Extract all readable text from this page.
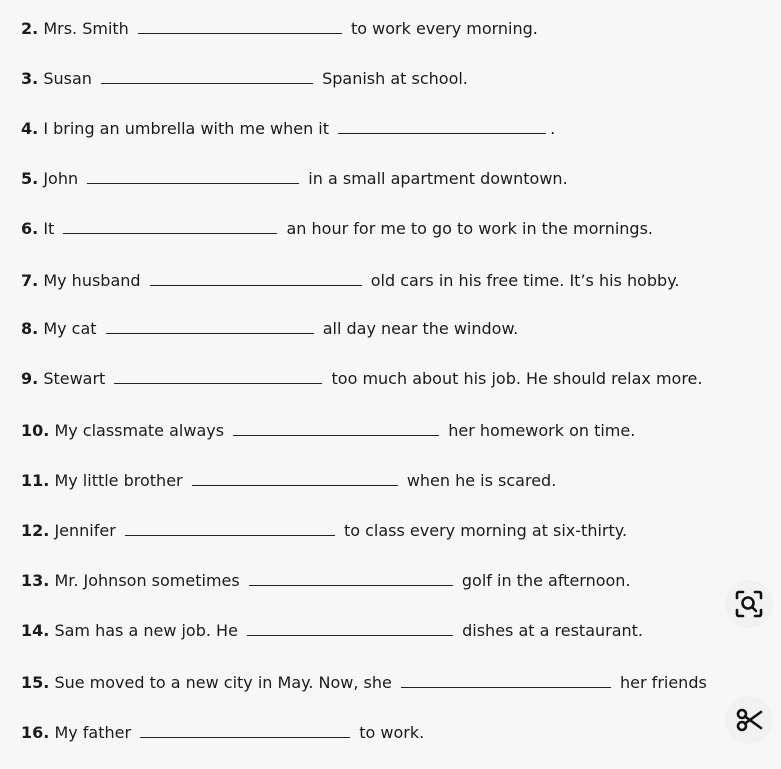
2. Mrs. Smith	to work every morning.
3. Susan	Spanish at school.
4. I bring an umbrella with me when it	.
5. John	in a small apartment downtown.
6. It	an hour for me to go to work in the mornings.
7. My husband	old cars in his free time. It’s his hobby.
8. My cat	all day near the window.
9. Stewart	too much about his job. He should relax more.
10. My classmate always	her homework on time.
11. My little brother	when he is scared.
12. Jennifer	to class every morning at six-thirty.
13. Mr. Johnson sometimes	golf in the afternoon.
14. Sam has a new job. He	dishes at a restaurant.
15. Sue moved to a new city in May. Now, she	her friends
16. My father	to work.
